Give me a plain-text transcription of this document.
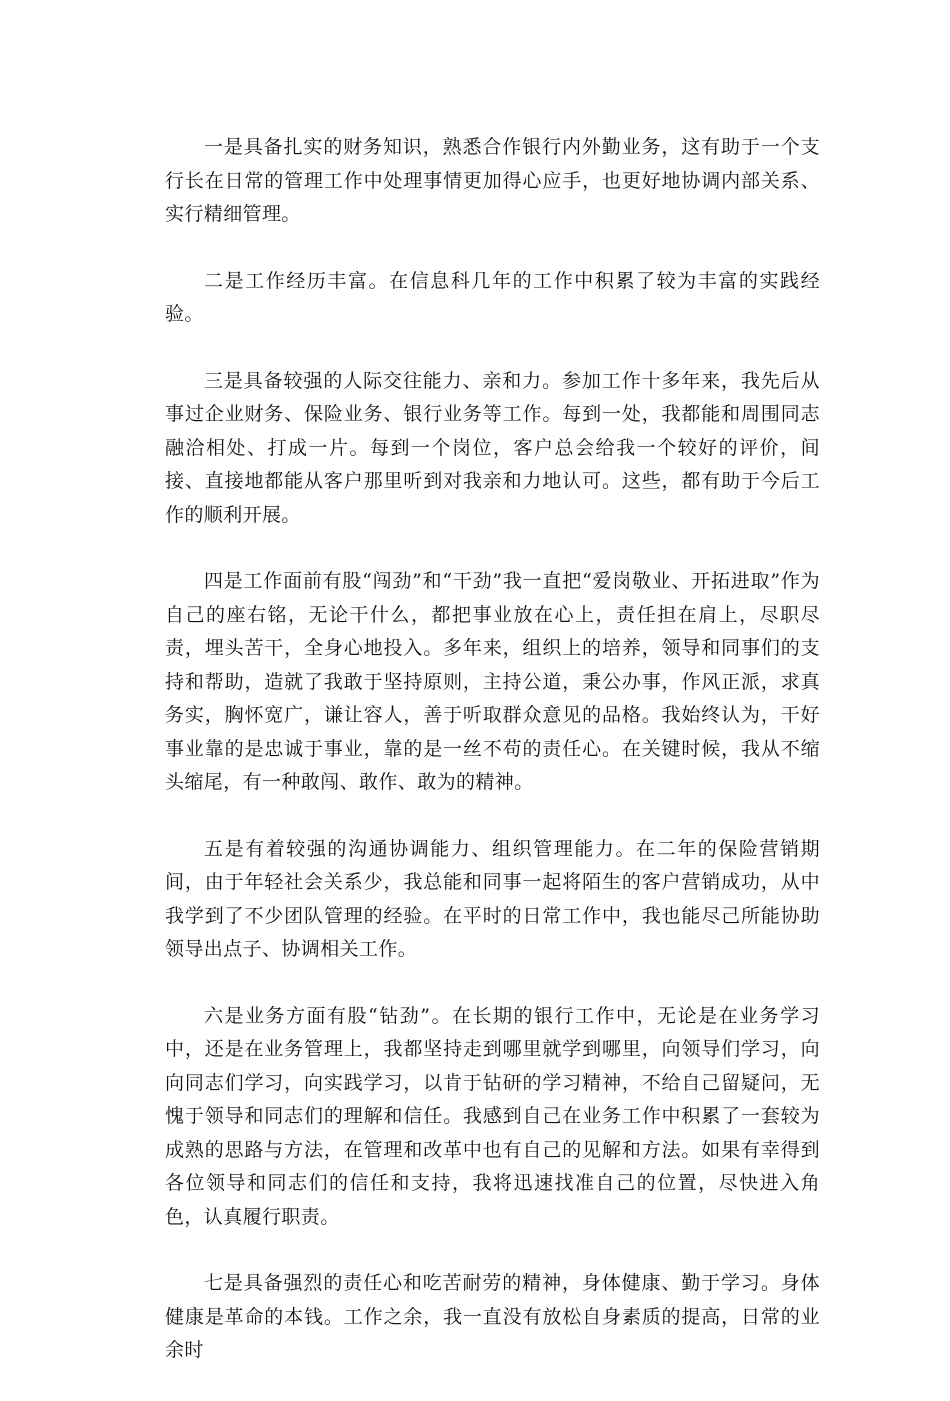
一是具备扎实的财务知识，熟悉合作银行内外勤业务，这有助于一个支行长在日常的管理工作中处理事情更加得心应手，也更好地协调内部关系、实行精细管理。

二是工作经历丰富。在信息科几年的工作中积累了较为丰富的实践经验。

三是具备较强的人际交往能力、亲和力。参加工作十多年来，我先后从事过企业财务、保险业务、银行业务等工作。每到一处，我都能和周围同志融洽相处、打成一片。每到一个岗位，客户总会给我一个较好的评价，间接、直接地都能从客户那里听到对我亲和力地认可。这些，都有助于今后工作的顺利开展。

四是工作面前有股“闯劲”和“干劲”我一直把“爱岗敬业、开拓进取”作为自己的座右铭，无论干什么，都把事业放在心上，责任担在肩上，尽职尽责，埋头苦干，全身心地投入。多年来，组织上的培养，领导和同事们的支持和帮助，造就了我敢于坚持原则，主持公道，秉公办事，作风正派，求真务实，胸怀宽广，谦让容人，善于听取群众意见的品格。我始终认为，干好事业靠的是忠诚于事业，靠的是一丝不苟的责任心。在关键时候，我从不缩头缩尾，有一种敢闯、敢作、敢为的精神。

五是有着较强的沟通协调能力、组织管理能力。在二年的保险营销期间，由于年轻社会关系少，我总能和同事一起将陌生的客户营销成功，从中我学到了不少团队管理的经验。在平时的日常工作中，我也能尽己所能协助领导出点子、协调相关工作。

六是业务方面有股“钻劲”。在长期的银行工作中，无论是在业务学习中，还是在业务管理上，我都坚持走到哪里就学到哪里，向领导们学习，向向同志们学习，向实践学习，以肯于钻研的学习精神，不给自己留疑问，无愧于领导和同志们的理解和信任。我感到自己在业务工作中积累了一套较为成熟的思路与方法，在管理和改革中也有自己的见解和方法。如果有幸得到各位领导和同志们的信任和支持，我将迅速找准自己的位置，尽快进入角色，认真履行职责。

七是具备强烈的责任心和吃苦耐劳的精神，身体健康、勤于学习。身体健康是革命的本钱。工作之余，我一直没有放松自身素质的提高，日常的业余时
